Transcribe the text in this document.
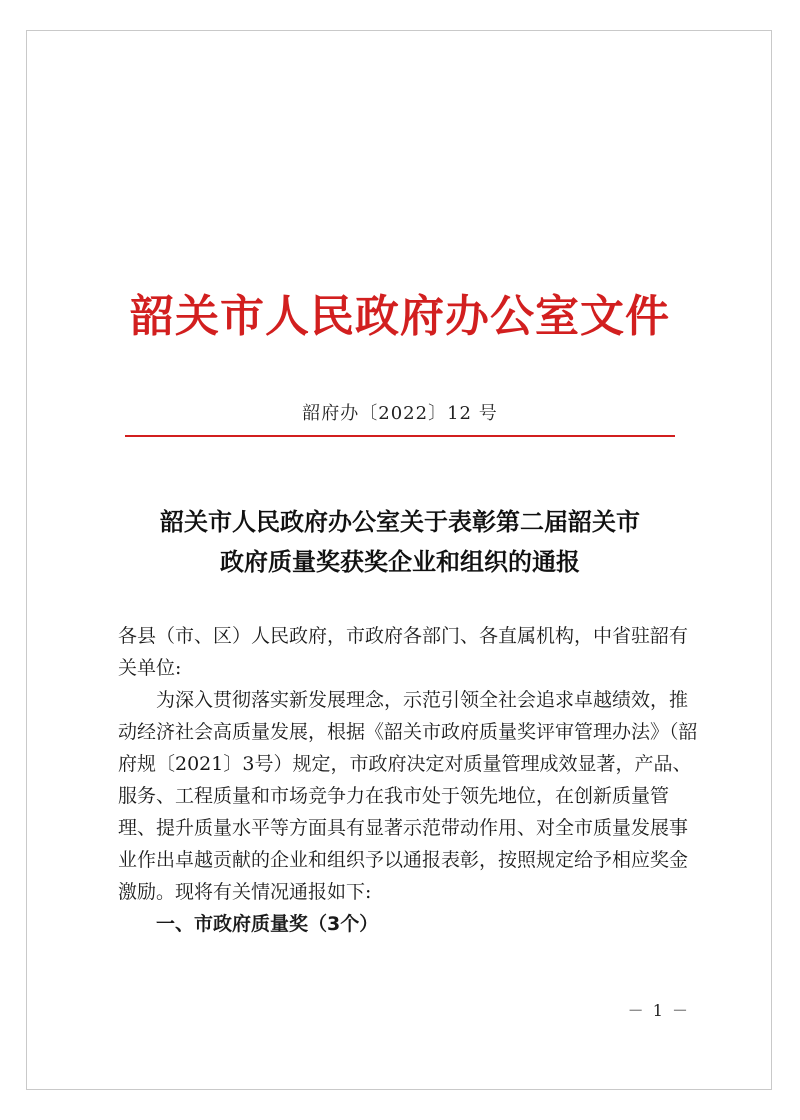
韶关市人民政府办公室文件
韶府办〔2022〕12 号
韶关市人民政府办公室关于表彰第二届韶关市
政府质量奖获奖企业和组织的通报

各县（市、区）人民政府，市政府各部门、各直属机构，中省驻韶有关单位:

为深入贯彻落实新发展理念，示范引领全社会追求卓越绩效，推动经济社会高质量发展，根据《韶关市政府质量奖评审管理办法》（韶府规〔2021〕3号）规定，市政府决定对质量管理成效显著，产品、服务、工程质量和市场竞争力在我市处于领先地位，在创新质量管理、提升质量水平等方面具有显著示范带动作用、对全市质量发展事业作出卓越贡献的企业和组织予以通报表彰，按照规定给予相应奖金激励。现将有关情况通报如下:

一、市政府质量奖（3个）

－ 1 －
